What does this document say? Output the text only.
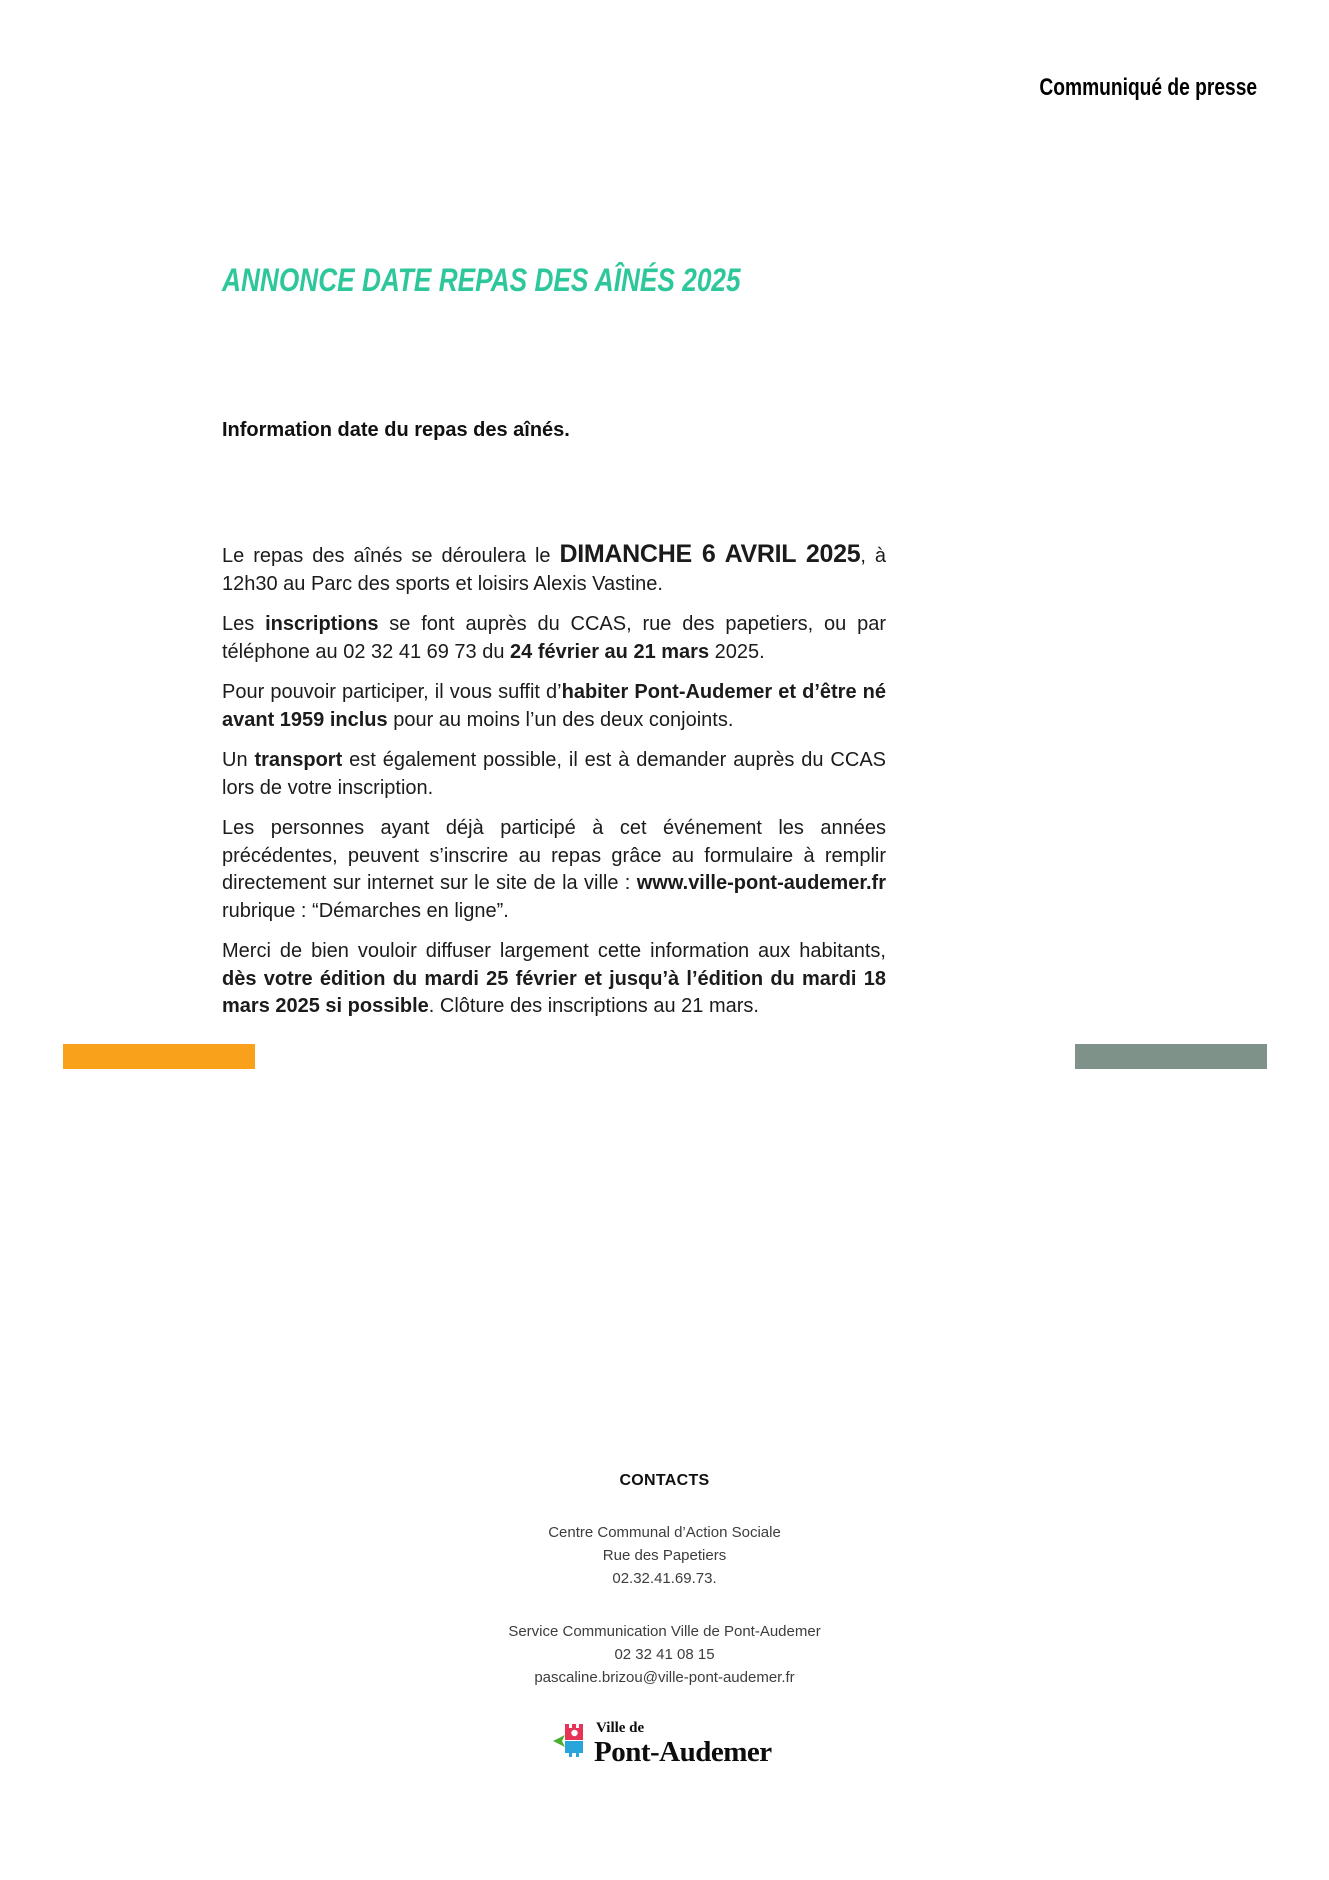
Communiqué de presse
ANNONCE DATE REPAS DES AÎNÉS 2025
Information date du repas des aînés.

Le repas des aînés se déroulera le DIMANCHE 6 AVRIL 2025, à 12h30 au Parc des sports et loisirs Alexis Vastine.

Les inscriptions se font auprès du CCAS, rue des papetiers, ou par téléphone au 02 32 41 69 73 du 24 février au 21 mars 2025.

Pour pouvoir participer, il vous suffit d’habiter Pont-Audemer et d’être né avant 1959 inclus pour au moins l’un des deux conjoints.

Un transport est également possible, il est à demander auprès du CCAS lors de votre inscription.

Les personnes ayant déjà participé à cet événement les années précédentes, peuvent s’inscrire au repas grâce au formulaire à remplir directement sur internet sur le site de la ville : www.ville-pont-audemer.fr rubrique : “Démarches en ligne”.

Merci de bien vouloir diffuser largement cette information aux habitants, dès votre édition du mardi 25 février et jusqu’à l’édition du mardi 18 mars 2025 si possible. Clôture des inscriptions au 21 mars.

CONTACTS
Centre Communal d’Action Sociale
Rue des Papetiers
02.32.41.69.73.
Service Communication Ville de Pont-Audemer
02 32 41 08 15
pascaline.brizou@ville-pont-audemer.fr
Ville de
Pont-Audemer
